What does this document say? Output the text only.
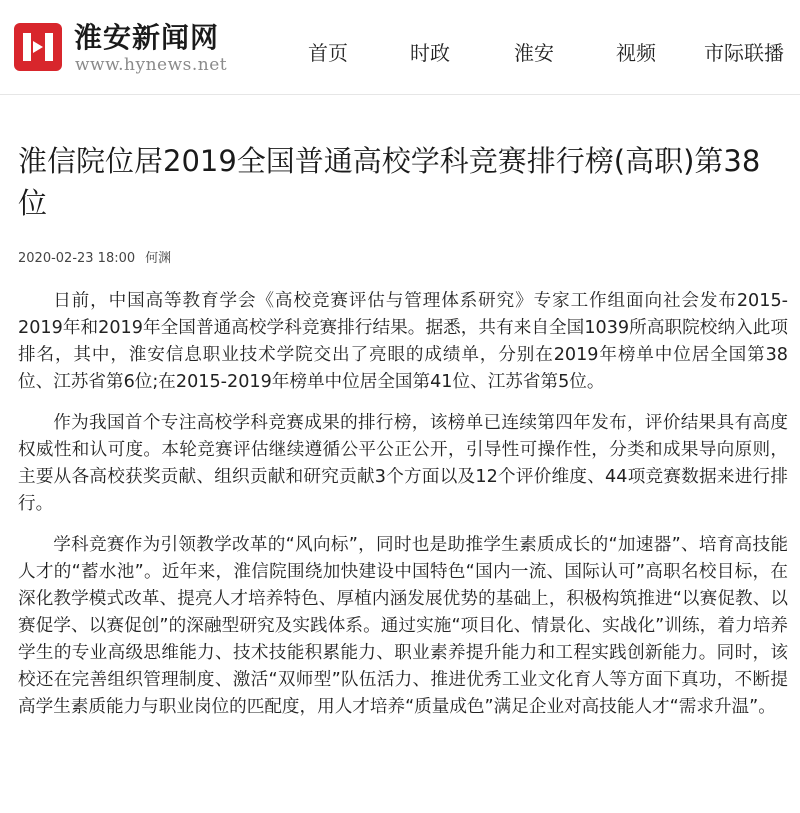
淮安新闻网
www.hynews.net	首页	时政	淮安	视频 市际联播
淮信院位居2019全国普通高校学科竞赛排行榜(高职)第38位
2020-02-23 18:00 何渊

日前，中国高等教育学会《高校竞赛评估与管理体系研究》专家工作组面向社会发布2015-2019年和2019年全国普通高校学科竞赛排行结果。据悉，共有来自全国1039所高职院校纳入此项排名，其中，淮安信息职业技术学院交出了亮眼的成绩单，分别在2019年榜单中位居全国第38位、江苏省第6位;在2015-2019年榜单中位居全国第41位、江苏省第5位。

作为我国首个专注高校学科竞赛成果的排行榜，该榜单已连续第四年发布，评价结果具有高度权威性和认可度。本轮竞赛评估继续遵循公平公正公开，引导性可操作性，分类和成果导向原则，主要从各高校获奖贡献、组织贡献和研究贡献3个方面以及12个评价维度、44项竞赛数据来进行排行。

学科竞赛作为引领教学改革的“风向标”，同时也是助推学生素质成长的“加速器”、培育高技能人才的“蓄水池”。近年来，淮信院围绕加快建设中国特色“国内一流、国际认可”高职名校目标，在深化教学模式改革、提亮人才培养特色、厚植内涵发展优势的基础上，积极构筑推进“以赛促教、以赛促学、以赛促创”的深融型研究及实践体系。通过实施“项目化、情景化、实战化”训练，着力培养学生的专业高级思维能力、技术技能积累能力、职业素养提升能力和工程实践创新能力。同时，该校还在完善组织管理制度、激活“双师型”队伍活力、推进优秀工业文化育人等方面下真功，不断提高学生素质能力与职业岗位的匹配度，用人才培养“质量成色”满足企业对高技能人才“需求升温”。
